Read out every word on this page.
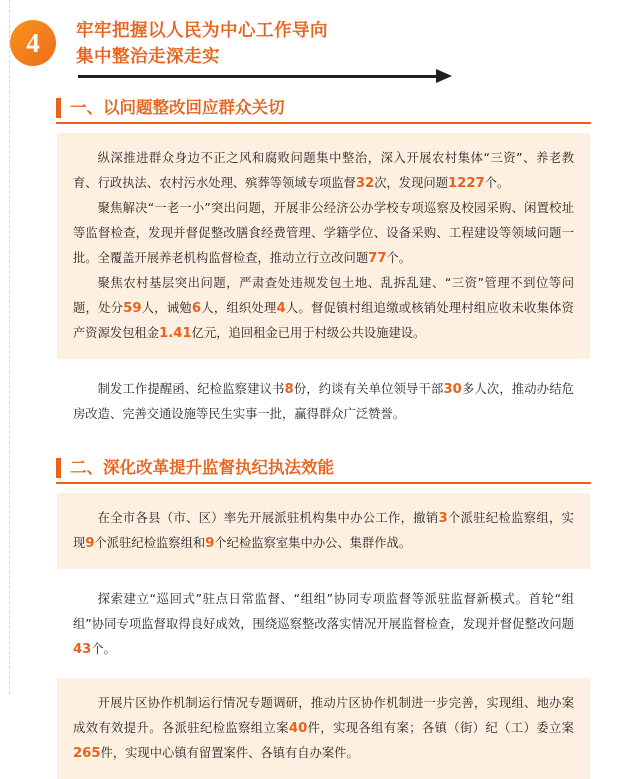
4	牢牢把握以人民为中心工作导向
集中整治走深走实
一、以问题整改回应群众关切

纵深推进群众身边不正之风和腐败问题集中整治，深入开展农村集体“三资”、养老教育、行政执法、农村污水处理、殡葬等领域专项监督32次，发现问题1227个。

聚焦解决“一老一小”突出问题，开展非公经济公办学校专项巡察及校园采购、闲置校址等监督检查，发现并督促整改膳食经费管理、学籍学位、设备采购、工程建设等领域问题一批。全覆盖开展养老机构监督检查，推动立行立改问题77个。

聚焦农村基层突出问题，严肃查处违规发包土地、乱拆乱建、“三资”管理不到位等问题，处分59人，诫勉6人，组织处理4人。督促镇村组追缴或核销处理村组应收未收集体资产资源发包租金1.41亿元，追回租金已用于村级公共设施建设。

制发工作提醒函、纪检监察建议书8份，约谈有关单位领导干部30多人次，推动办结危房改造、完善交通设施等民生实事一批，赢得群众广泛赞誉。

二、深化改革提升监督执纪执法效能

在全市各县（市、区）率先开展派驻机构集中办公工作，撤销3个派驻纪检监察组，实现9个派驻纪检监察组和9个纪检监察室集中办公、集群作战。

探索建立“巡回式”驻点日常监督、“组组”协同专项监督等派驻监督新模式。首轮“组组”协同专项监督取得良好成效，围绕巡察整改落实情况开展监督检查，发现并督促整改问题43个。

开展片区协作机制运行情况专题调研，推动片区协作机制进一步完善，实现组、地办案成效有效提升。各派驻纪检监察组立案40件，实现各组有案；各镇（街）纪（工）委立案265件，实现中心镇有留置案件、各镇有自办案件。
